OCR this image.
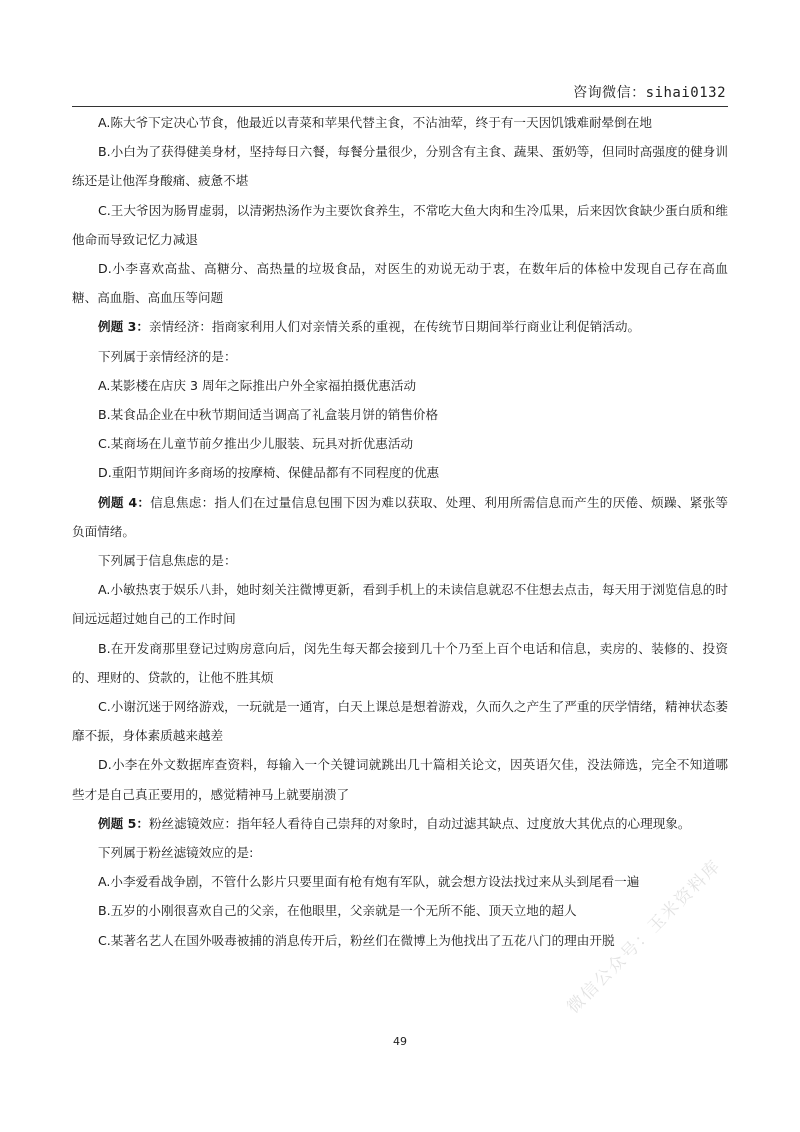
咨询微信：sihai0132

A.陈大爷下定决心节食，他最近以青菜和苹果代替主食，不沾油荤，终于有一天因饥饿难耐晕倒在地

B.小白为了获得健美身材，坚持每日六餐，每餐分量很少，分别含有主食、蔬果、蛋奶等，但同时高强度的健身训练还是让他浑身酸痛、疲惫不堪

C.王大爷因为肠胃虚弱，以清粥热汤作为主要饮食养生，不常吃大鱼大肉和生冷瓜果，后来因饮食缺少蛋白质和维他命而导致记忆力减退

D.小李喜欢高盐、高糖分、高热量的垃圾食品，对医生的劝说无动于衷，在数年后的体检中发现自己存在高血糖、高血脂、高血压等问题

例题 3：亲情经济：指商家利用人们对亲情关系的重视，在传统节日期间举行商业让利促销活动。

下列属于亲情经济的是：

A.某影楼在店庆 3 周年之际推出户外全家福拍摄优惠活动

B.某食品企业在中秋节期间适当调高了礼盒装月饼的销售价格

C.某商场在儿童节前夕推出少儿服装、玩具对折优惠活动

D.重阳节期间许多商场的按摩椅、保健品都有不同程度的优惠

例题 4：信息焦虑：指人们在过量信息包围下因为难以获取、处理、利用所需信息而产生的厌倦、烦躁、紧张等负面情绪。

下列属于信息焦虑的是：

A.小敏热衷于娱乐八卦，她时刻关注微博更新，看到手机上的未读信息就忍不住想去点击，每天用于浏览信息的时间远远超过她自己的工作时间

B.在开发商那里登记过购房意向后，闵先生每天都会接到几十个乃至上百个电话和信息，卖房的、装修的、投资的、理财的、贷款的，让他不胜其烦

C.小谢沉迷于网络游戏，一玩就是一通宵，白天上课总是想着游戏，久而久之产生了严重的厌学情绪，精神状态萎靡不振，身体素质越来越差

D.小李在外文数据库查资料，每输入一个关键词就跳出几十篇相关论文，因英语欠佳，没法筛选，完全不知道哪些才是自己真正要用的，感觉精神马上就要崩溃了

例题 5：粉丝滤镜效应：指年轻人看待自己崇拜的对象时，自动过滤其缺点、过度放大其优点的心理现象。

下列属于粉丝滤镜效应的是:

A.小李爱看战争剧，不管什么影片只要里面有枪有炮有军队，就会想方设法找过来从头到尾看一遍

B.五岁的小刚很喜欢自己的父亲，在他眼里，父亲就是一个无所不能、顶天立地的超人

C.某著名艺人在国外吸毒被捕的消息传开后，粉丝们在微博上为他找出了五花八门的理由开脱

49
微信公众号：玉米资料库
